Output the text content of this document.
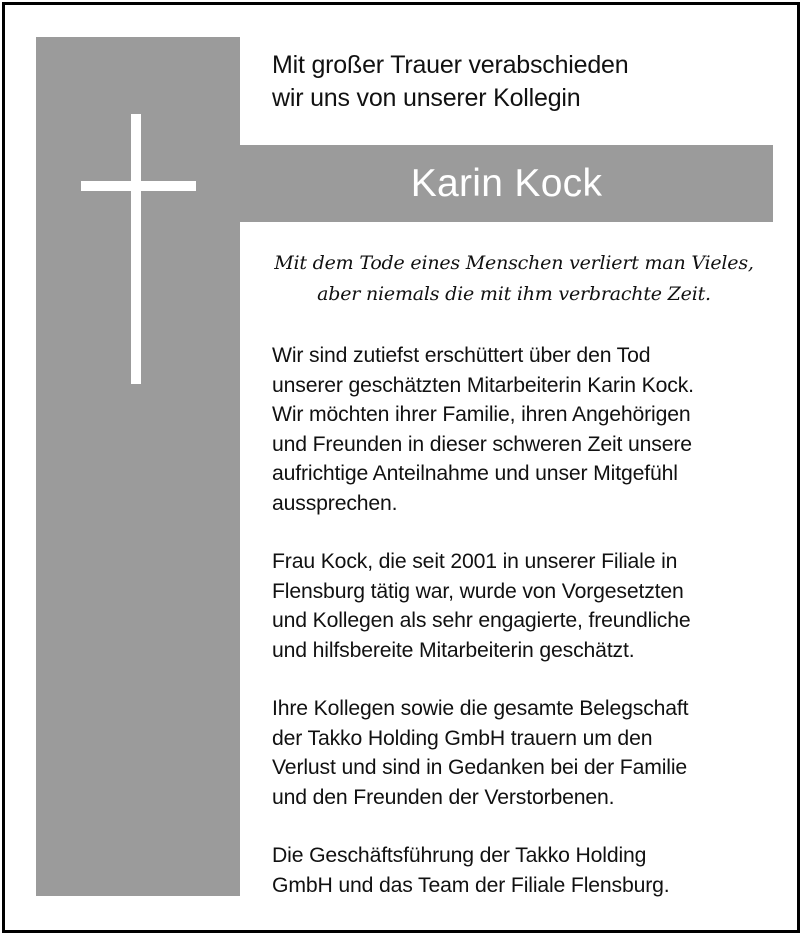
Mit großer Trauer verabschieden
wir uns von unserer Kollegin
Karin Kock
Mit dem Tode eines Menschen verliert man Vieles,
aber niemals die mit ihm verbrachte Zeit.

Wir sind zutiefst erschüttert über den Tod
unserer geschätzten Mitarbeiterin Karin Kock.
Wir möchten ihrer Familie, ihren Angehörigen
und Freunden in dieser schweren Zeit unsere
aufrichtige Anteilnahme und unser Mitgefühl
aussprechen.

Frau Kock, die seit 2001 in unserer Filiale in
Flensburg tätig war, wurde von Vorgesetzten
und Kollegen als sehr engagierte, freundliche
und hilfsbereite Mitarbeiterin geschätzt.

Ihre Kollegen sowie die gesamte Belegschaft
der Takko Holding GmbH trauern um den
Verlust und sind in Gedanken bei der Familie
und den Freunden der Verstorbenen.

Die Geschäftsführung der Takko Holding
GmbH und das Team der Filiale Flensburg.
